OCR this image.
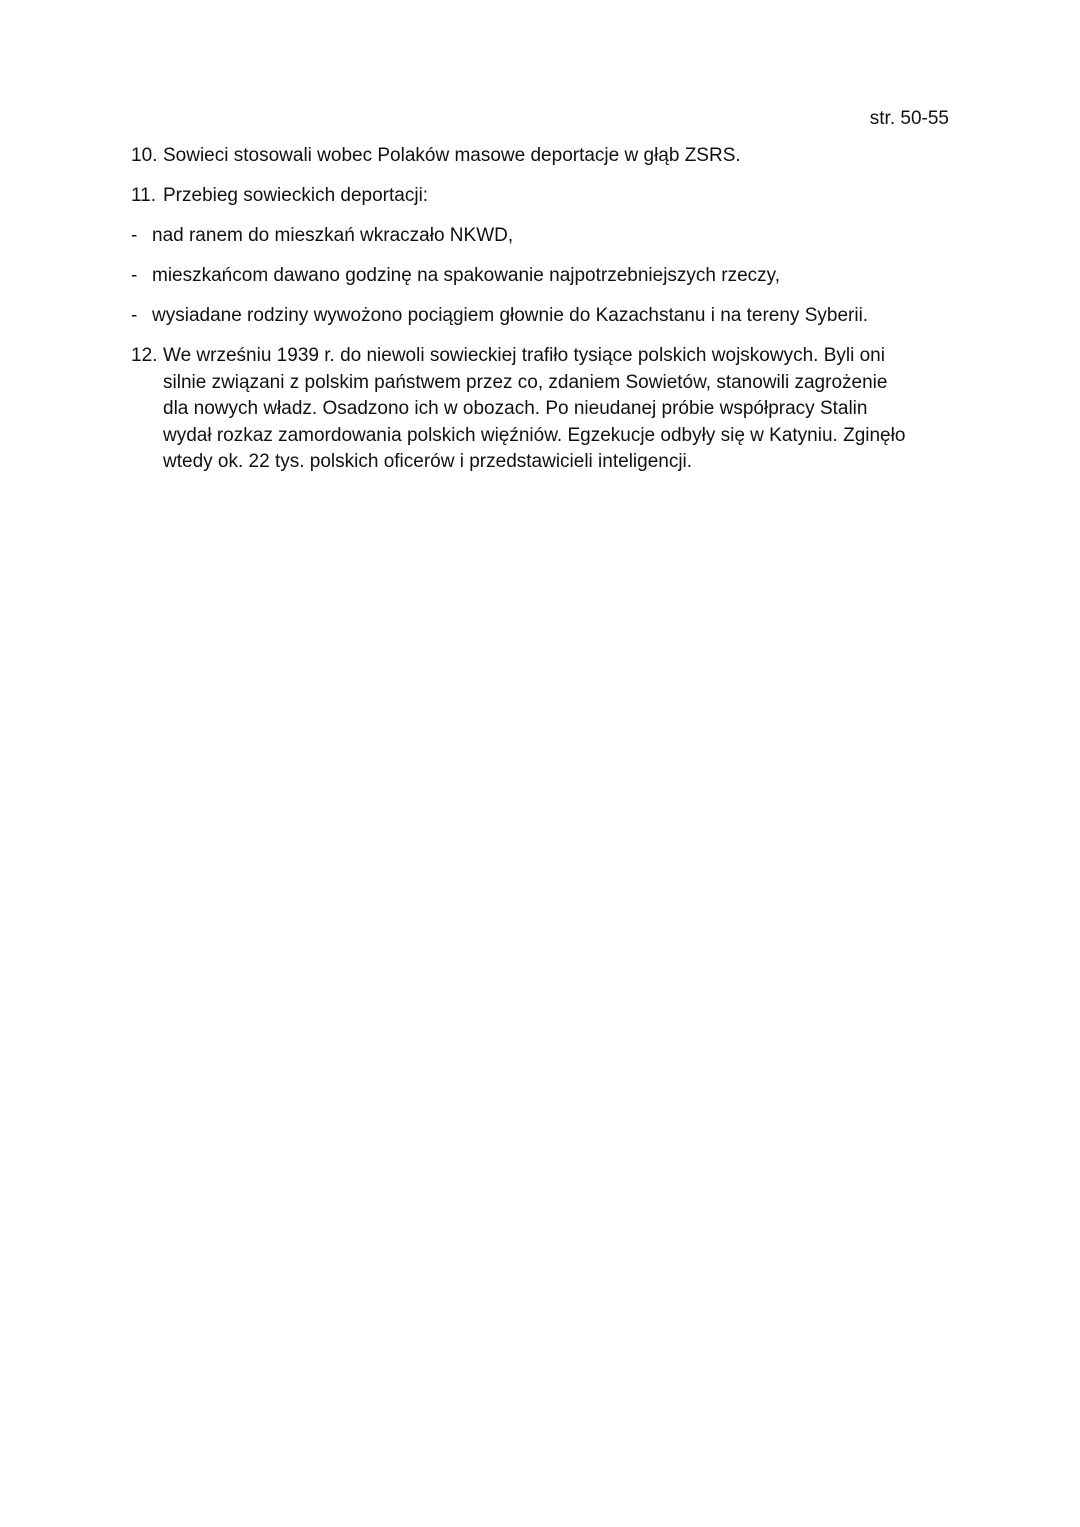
str. 50-55
10. Sowieci stosowali wobec Polaków masowe deportacje w głąb ZSRS.
11. Przebieg sowieckich deportacji:
- nad ranem do mieszkań wkraczało NKWD,
- mieszkańcom dawano godzinę na spakowanie najpotrzebniejszych rzeczy,
- wysiadane rodziny wywożono pociągiem głownie do Kazachstanu i na tereny Syberii.
12. We wrześniu 1939 r. do niewoli sowieckiej trafiło tysiące polskich wojskowych. Byli oni
silnie związani z polskim państwem przez co, zdaniem Sowietów, stanowili zagrożenie
dla nowych władz. Osadzono ich w obozach. Po nieudanej próbie współpracy Stalin
wydał rozkaz zamordowania polskich więźniów. Egzekucje odbyły się w Katyniu. Zginęło
wtedy ok. 22 tys. polskich oficerów i przedstawicieli inteligencji.
